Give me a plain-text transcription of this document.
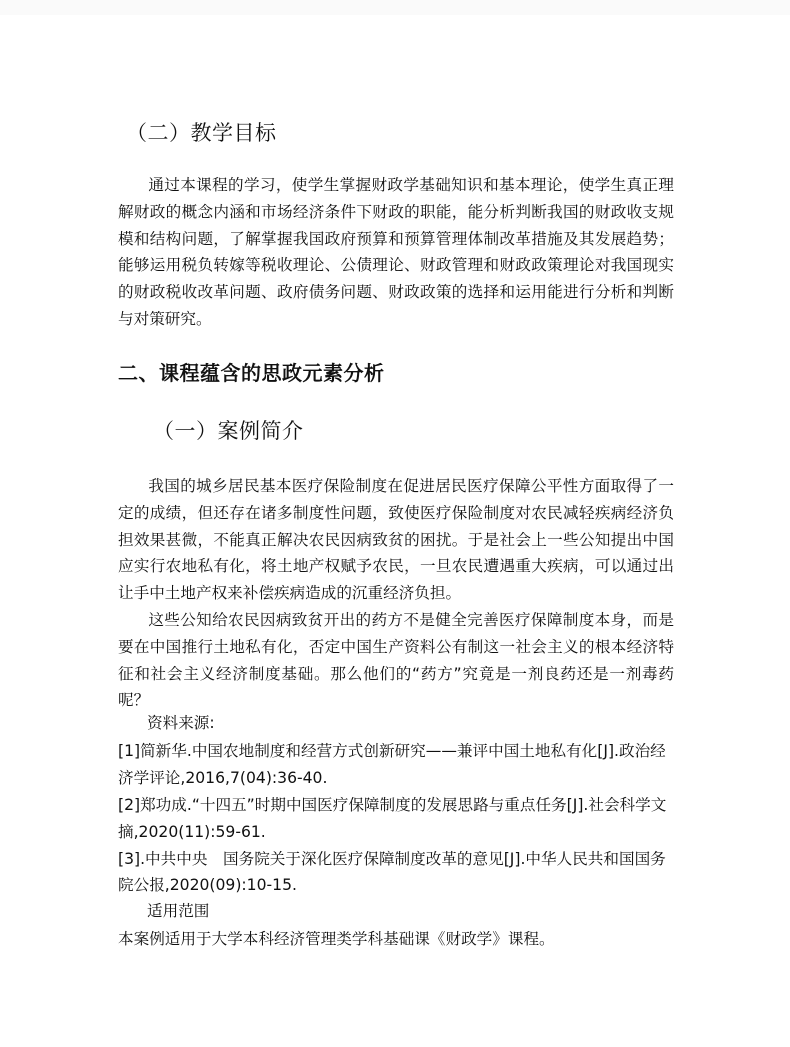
（二）教学目标
通过本课程的学习，使学生掌握财政学基础知识和基本理论，使学生真正理解财政的概念内涵和市场经济条件下财政的职能，能分析判断我国的财政收支规模和结构问题，了解掌握我国政府预算和预算管理体制改革措施及其发展趋势；能够运用税负转嫁等税收理论、公债理论、财政管理和财政政策理论对我国现实的财政税收改革问题、政府债务问题、财政政策的选择和运用能进行分析和判断与对策研究。
二、课程蕴含的思政元素分析
（一）案例简介
我国的城乡居民基本医疗保险制度在促进居民医疗保障公平性方面取得了一定的成绩，但还存在诸多制度性问题，致使医疗保险制度对农民减轻疾病经济负担效果甚微，不能真正解决农民因病致贫的困扰。于是社会上一些公知提出中国应实行农地私有化，将土地产权赋予农民，一旦农民遭遇重大疾病，可以通过出让手中土地产权来补偿疾病造成的沉重经济负担。
这些公知给农民因病致贫开出的药方不是健全完善医疗保障制度本身，而是要在中国推行土地私有化，否定中国生产资料公有制这一社会主义的根本经济特征和社会主义经济制度基础。那么他们的“药方”究竟是一剂良药还是一剂毒药呢？
资料来源:
[1]简新华.中国农地制度和经营方式创新研究——兼评中国土地私有化[J].政治经
济学评论,2016,7(04):36-40.
[2]郑功成.“十四五”时期中国医疗保障制度的发展思路与重点任务[J].社会科学文
摘,2020(11):59-61.
[3].中共中央　国务院关于深化医疗保障制度改革的意见[J].中华人民共和国国务
院公报,2020(09):10-15.
适用范围
本案例适用于大学本科经济管理类学科基础课《财政学》课程。
